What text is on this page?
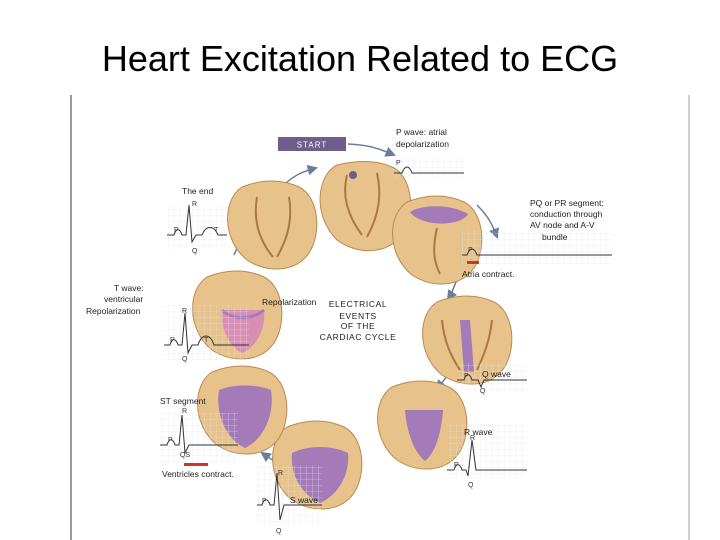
Heart Excitation Related to ECG
START
ELECTRICAL
EVENTS
OF THE
CARDIAC CYCLE
P
P wave: atrial
depolarization
P
PQ or PR segment:
conduction through
AV node and A-V
bundle
Atria contract.
P
Q
Q wave
P
Q
R
R wave
P
R
Q
S wave
P
QS
R
ST segment
Ventricles contract.
P
R
T
Q
T wave:
ventricular
Repolarization
Repolarization
P
R
T
Q
The end
